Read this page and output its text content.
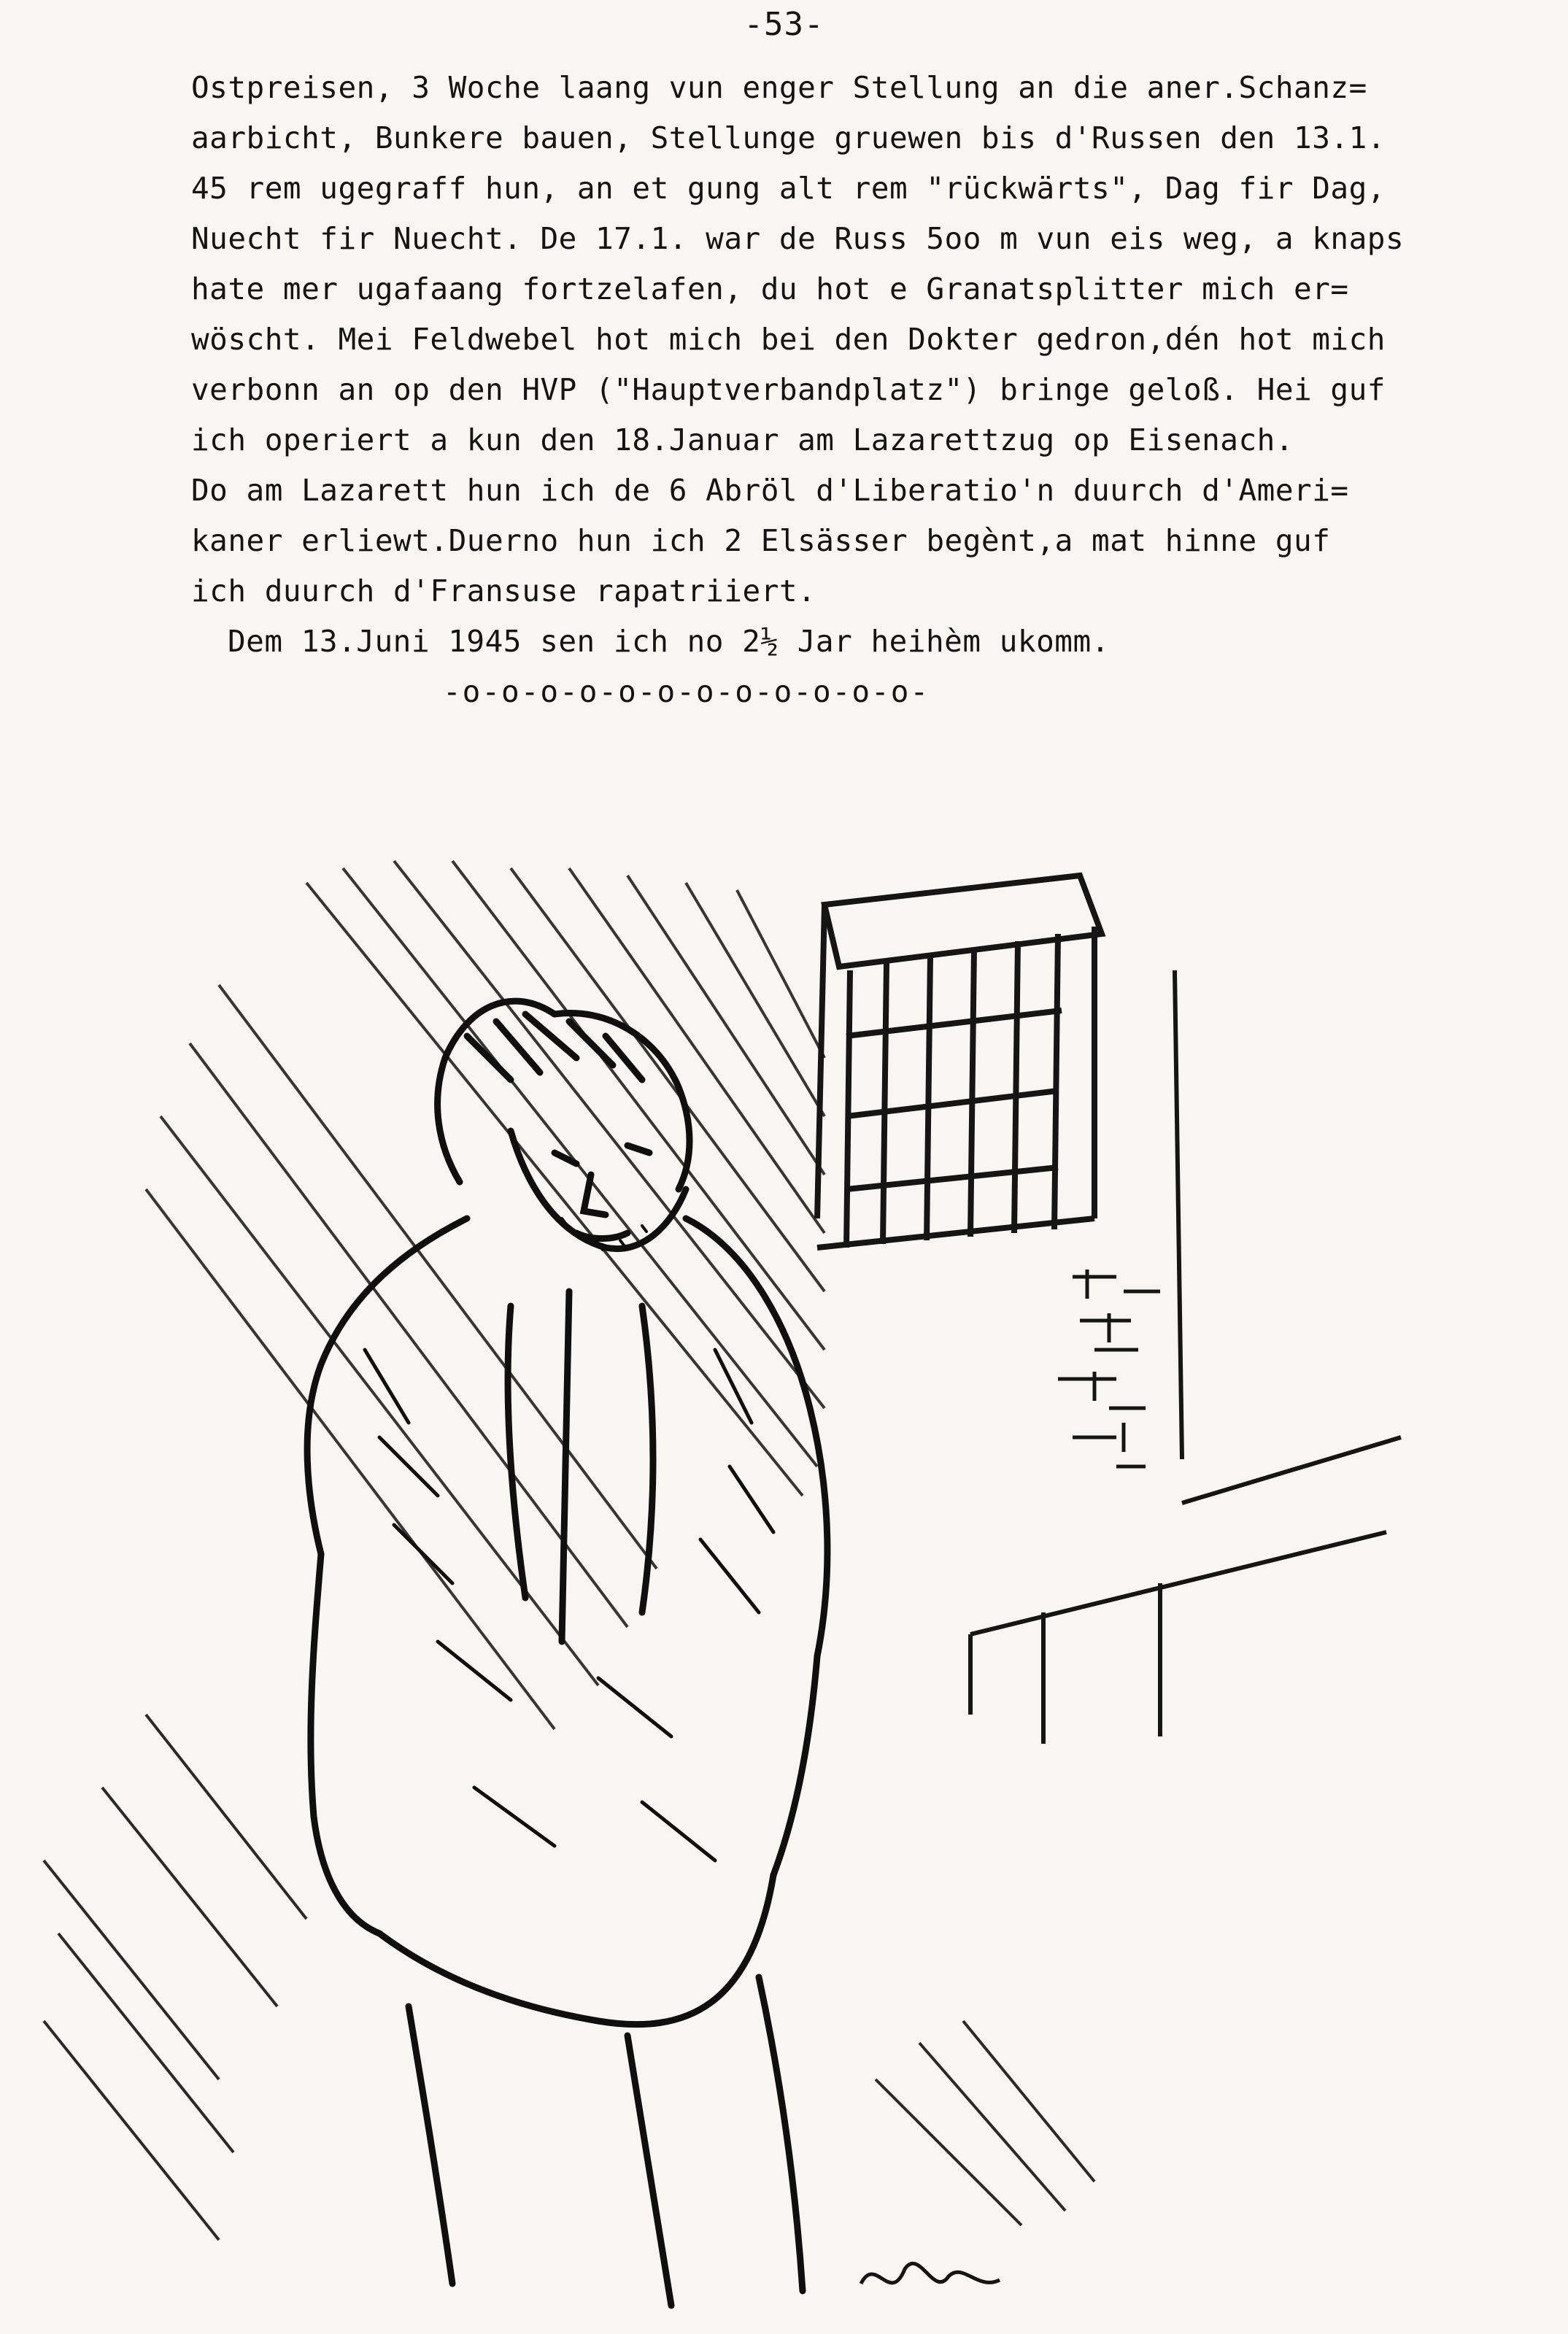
-53-
Ostpreisen, 3 Woche laang vun enger Stellung an die aner.Schanz=
aarbicht, Bunkere bauen, Stellunge gruewen bis d'Russen den 13.1.
45 rem ugegraff hun, an et gung alt rem "rückwärts", Dag fir Dag,
Nuecht fir Nuecht. De 17.1. war de Russ 5oo m vun eis weg, a knaps
hate mer ugafaang fortzelafen, du hot e Granatsplitter mich er=
wöscht. Mei Feldwebel hot mich bei den Dokter gedron,dén hot mich
verbonn an op den HVP ("Hauptverbandplatz") bringe geloß. Hei guf
ich operiert a kun den 18.Januar am Lazarettzug op Eisenach.
Do am Lazarett hun ich de 6 Abröl d'Liberatio'n duurch d'Ameri=
kaner erliewt.Duerno hun ich 2 Elsässer begènt,a mat hinne guf
ich duurch d'Fransuse rapatriiert.
Dem 13.Juni 1945 sen ich no 2½ Jar heihèm ukomm.
-o-o-o-o-o-o-o-o-o-o-o-o-
